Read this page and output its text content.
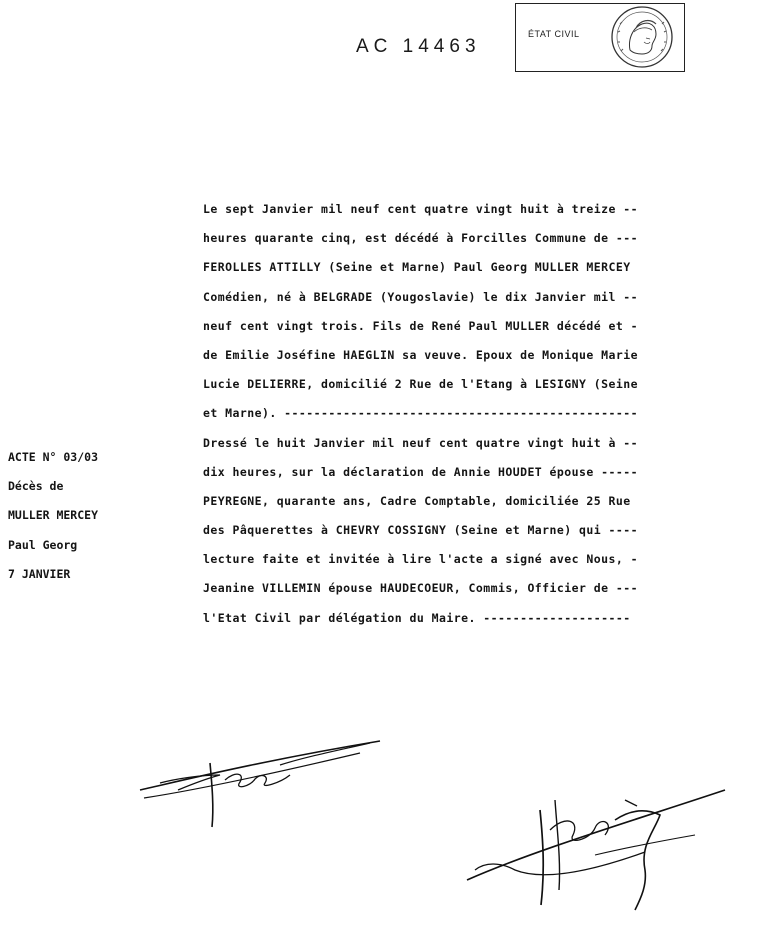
AC 14463
ÉTAT CIVIL
ACTE N° 03/03
Décès de
MULLER MERCEY
Paul Georg
7 JANVIER
Le sept Janvier mil neuf cent quatre vingt huit à treize --
heures quarante cinq, est décédé à Forcilles Commune de ---
FEROLLES ATTILLY (Seine et Marne) Paul Georg MULLER MERCEY
Comédien, né à BELGRADE (Yougoslavie) le dix Janvier mil --
neuf cent vingt trois. Fils de René Paul MULLER décédé et -
de Emilie Joséfine HAEGLIN sa veuve. Epoux de Monique Marie
Lucie DELIERRE, domicilié 2 Rue de l'Etang à LESIGNY (Seine
et Marne). ------------------------------------------------
Dressé le huit Janvier mil neuf cent quatre vingt huit à --
dix heures, sur la déclaration de Annie HOUDET épouse -----
PEYREGNE, quarante ans, Cadre Comptable, domiciliée 25 Rue
des Pâquerettes à CHEVRY COSSIGNY (Seine et Marne) qui ----
lecture faite et invitée à lire l'acte a signé avec Nous, -
Jeanine VILLEMIN épouse HAUDECOEUR, Commis, Officier de ---
l'Etat Civil par délégation du Maire. --------------------
